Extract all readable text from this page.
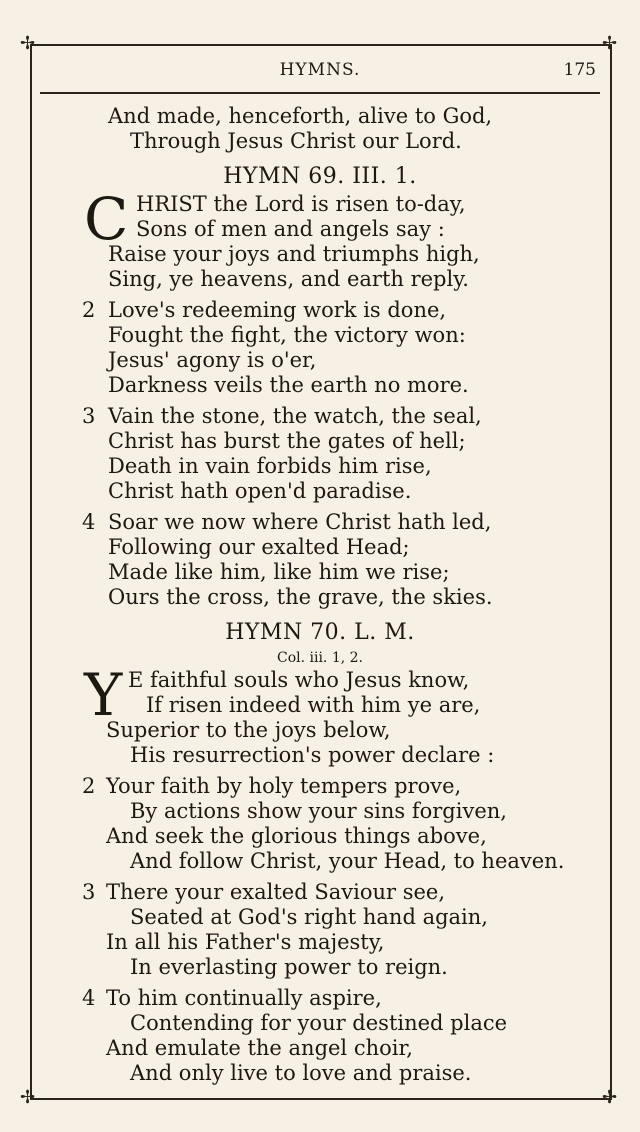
✢	✢
✢	✢
HYMNS.	175
And made, henceforth, alive to God,
Through Jesus Christ our Lord.
HYMN 69. III. 1.
C HRIST the Lord is risen to-day,
Sons of men and angels say :
Raise your joys and triumphs high,
Sing, ye heavens, and earth reply.
2 Love's redeeming work is done,
Fought the fight, the victory won:
Jesus' agony is o'er,
Darkness veils the earth no more.
3 Vain the stone, the watch, the seal,
Christ has burst the gates of hell;
Death in vain forbids him rise,
Christ hath open'd paradise.
4 Soar we now where Christ hath led,
Following our exalted Head;
Made like him, like him we rise;
Ours the cross, the grave, the skies.
HYMN 70. L. M.
Col. iii. 1, 2.
Y E faithful souls who Jesus know,
If risen indeed with him ye are,
Superior to the joys below,
His resurrection's power declare :
2 Your faith by holy tempers prove,
By actions show your sins forgiven,
And seek the glorious things above,
And follow Christ, your Head, to heaven.
3 There your exalted Saviour see,
Seated at God's right hand again,
In all his Father's majesty,
In everlasting power to reign.
4 To him continually aspire,
Contending for your destined place
And emulate the angel choir,
And only live to love and praise.
